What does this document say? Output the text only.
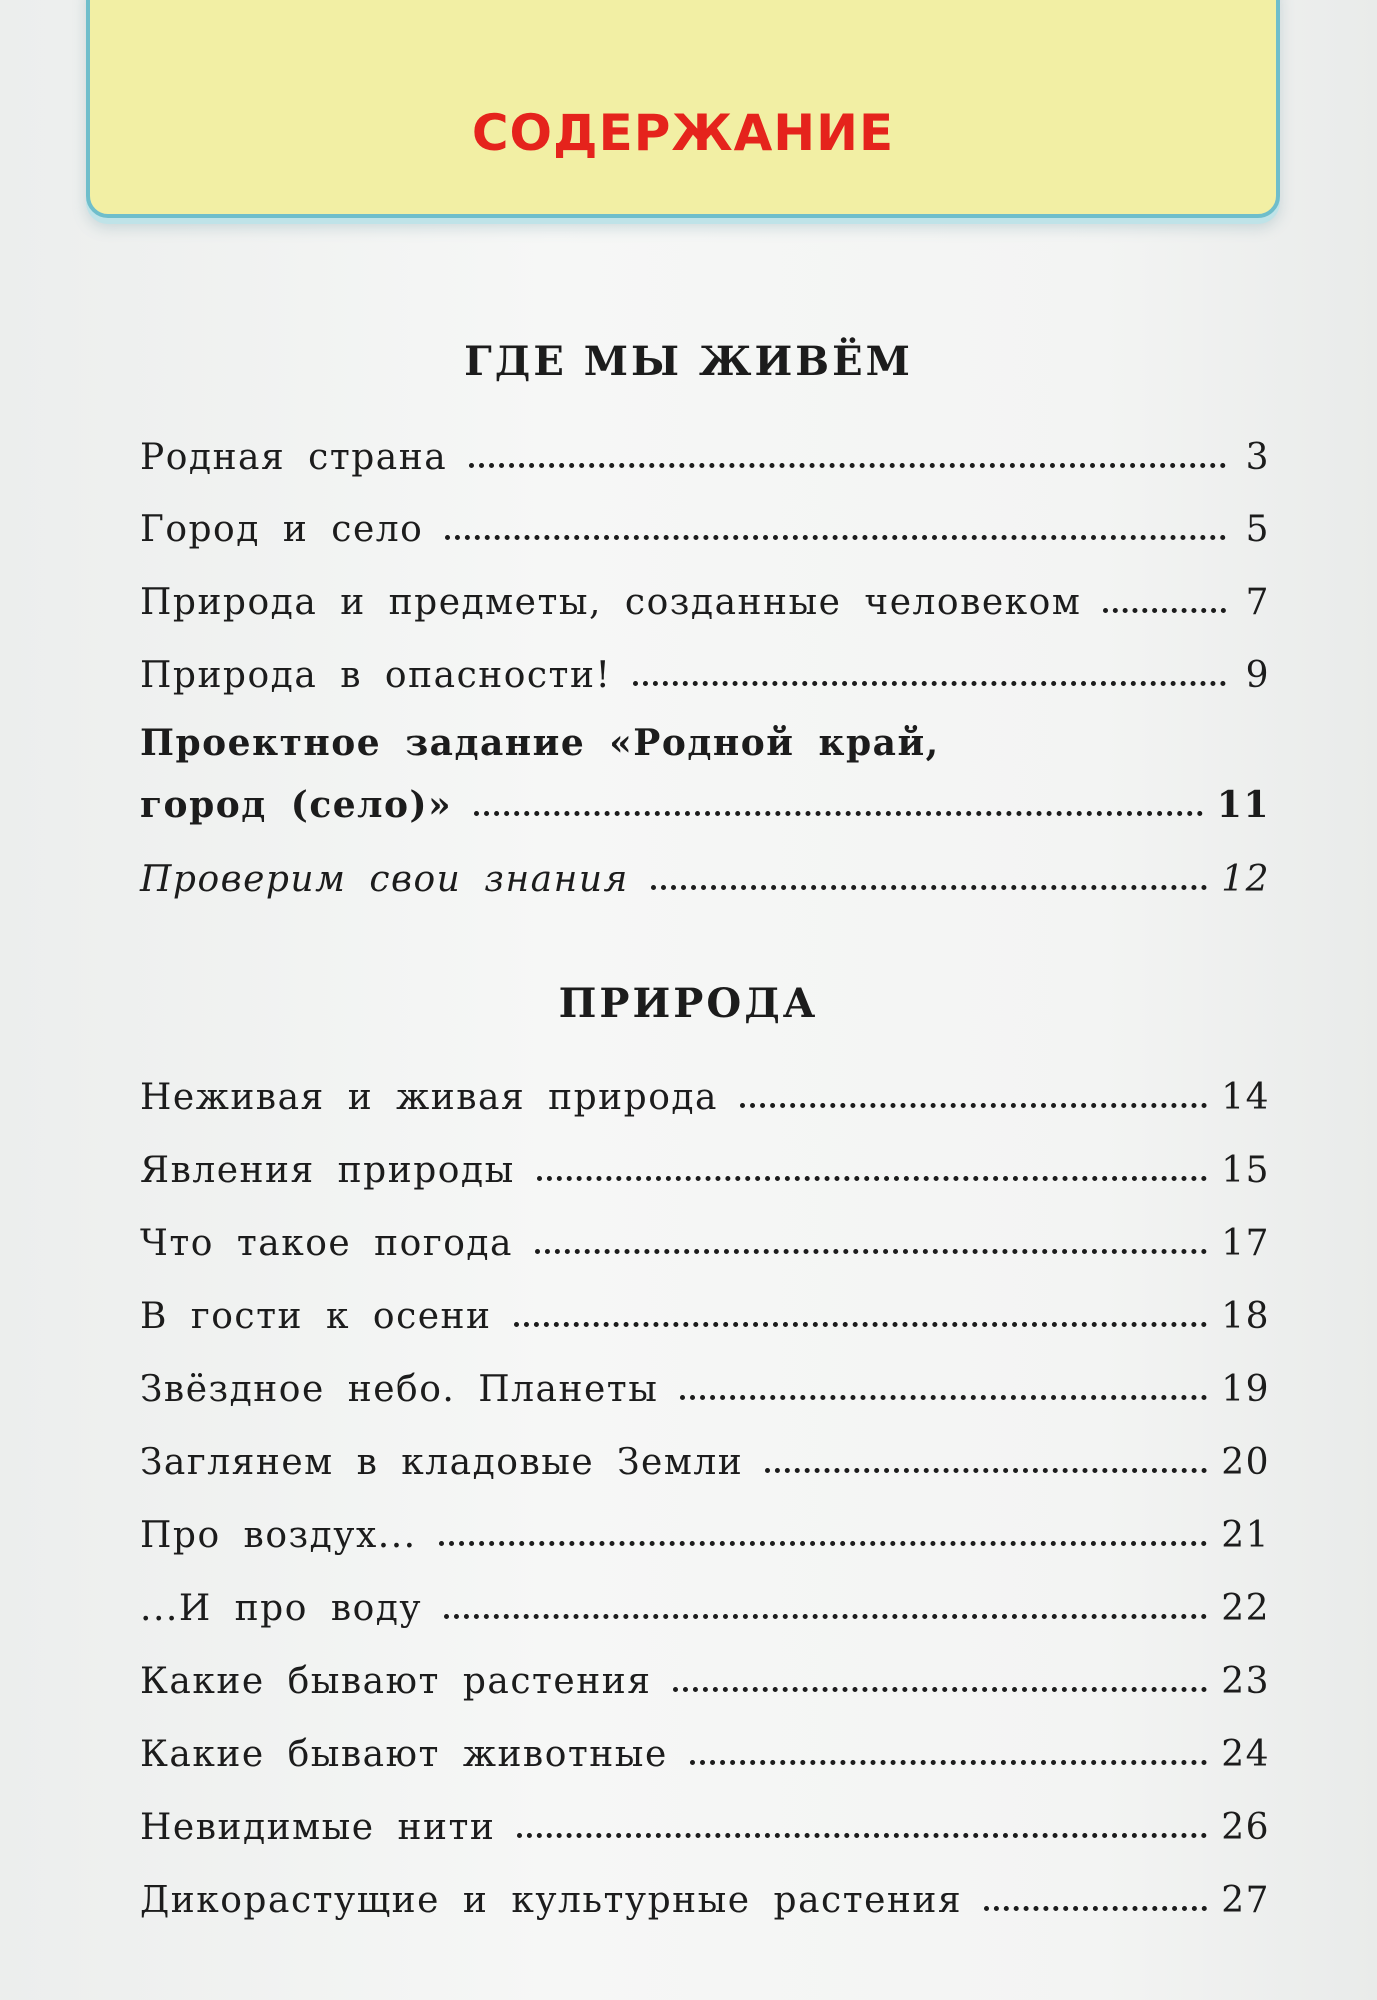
СОДЕРЖАНИЕ
ГДЕ МЫ ЖИВЁМ
Родная страна	3
Город и село	5
Природа и предметы, созданные человеком	7
Природа в опасности!	9
Проектное задание «Родной край,
город (село)»	11
Проверим свои знания	12
ПРИРОДА
Неживая и живая природа	14
Явления природы	15
Что такое погода	17
В гости к осени	18
Звёздное небо. Планеты	19
Заглянем в кладовые Земли	20
Про воздух...	21
...И про воду	22
Какие бывают растения	23
Какие бывают животные	24
Невидимые нити	26
Дикорастущие и культурные растения	27
